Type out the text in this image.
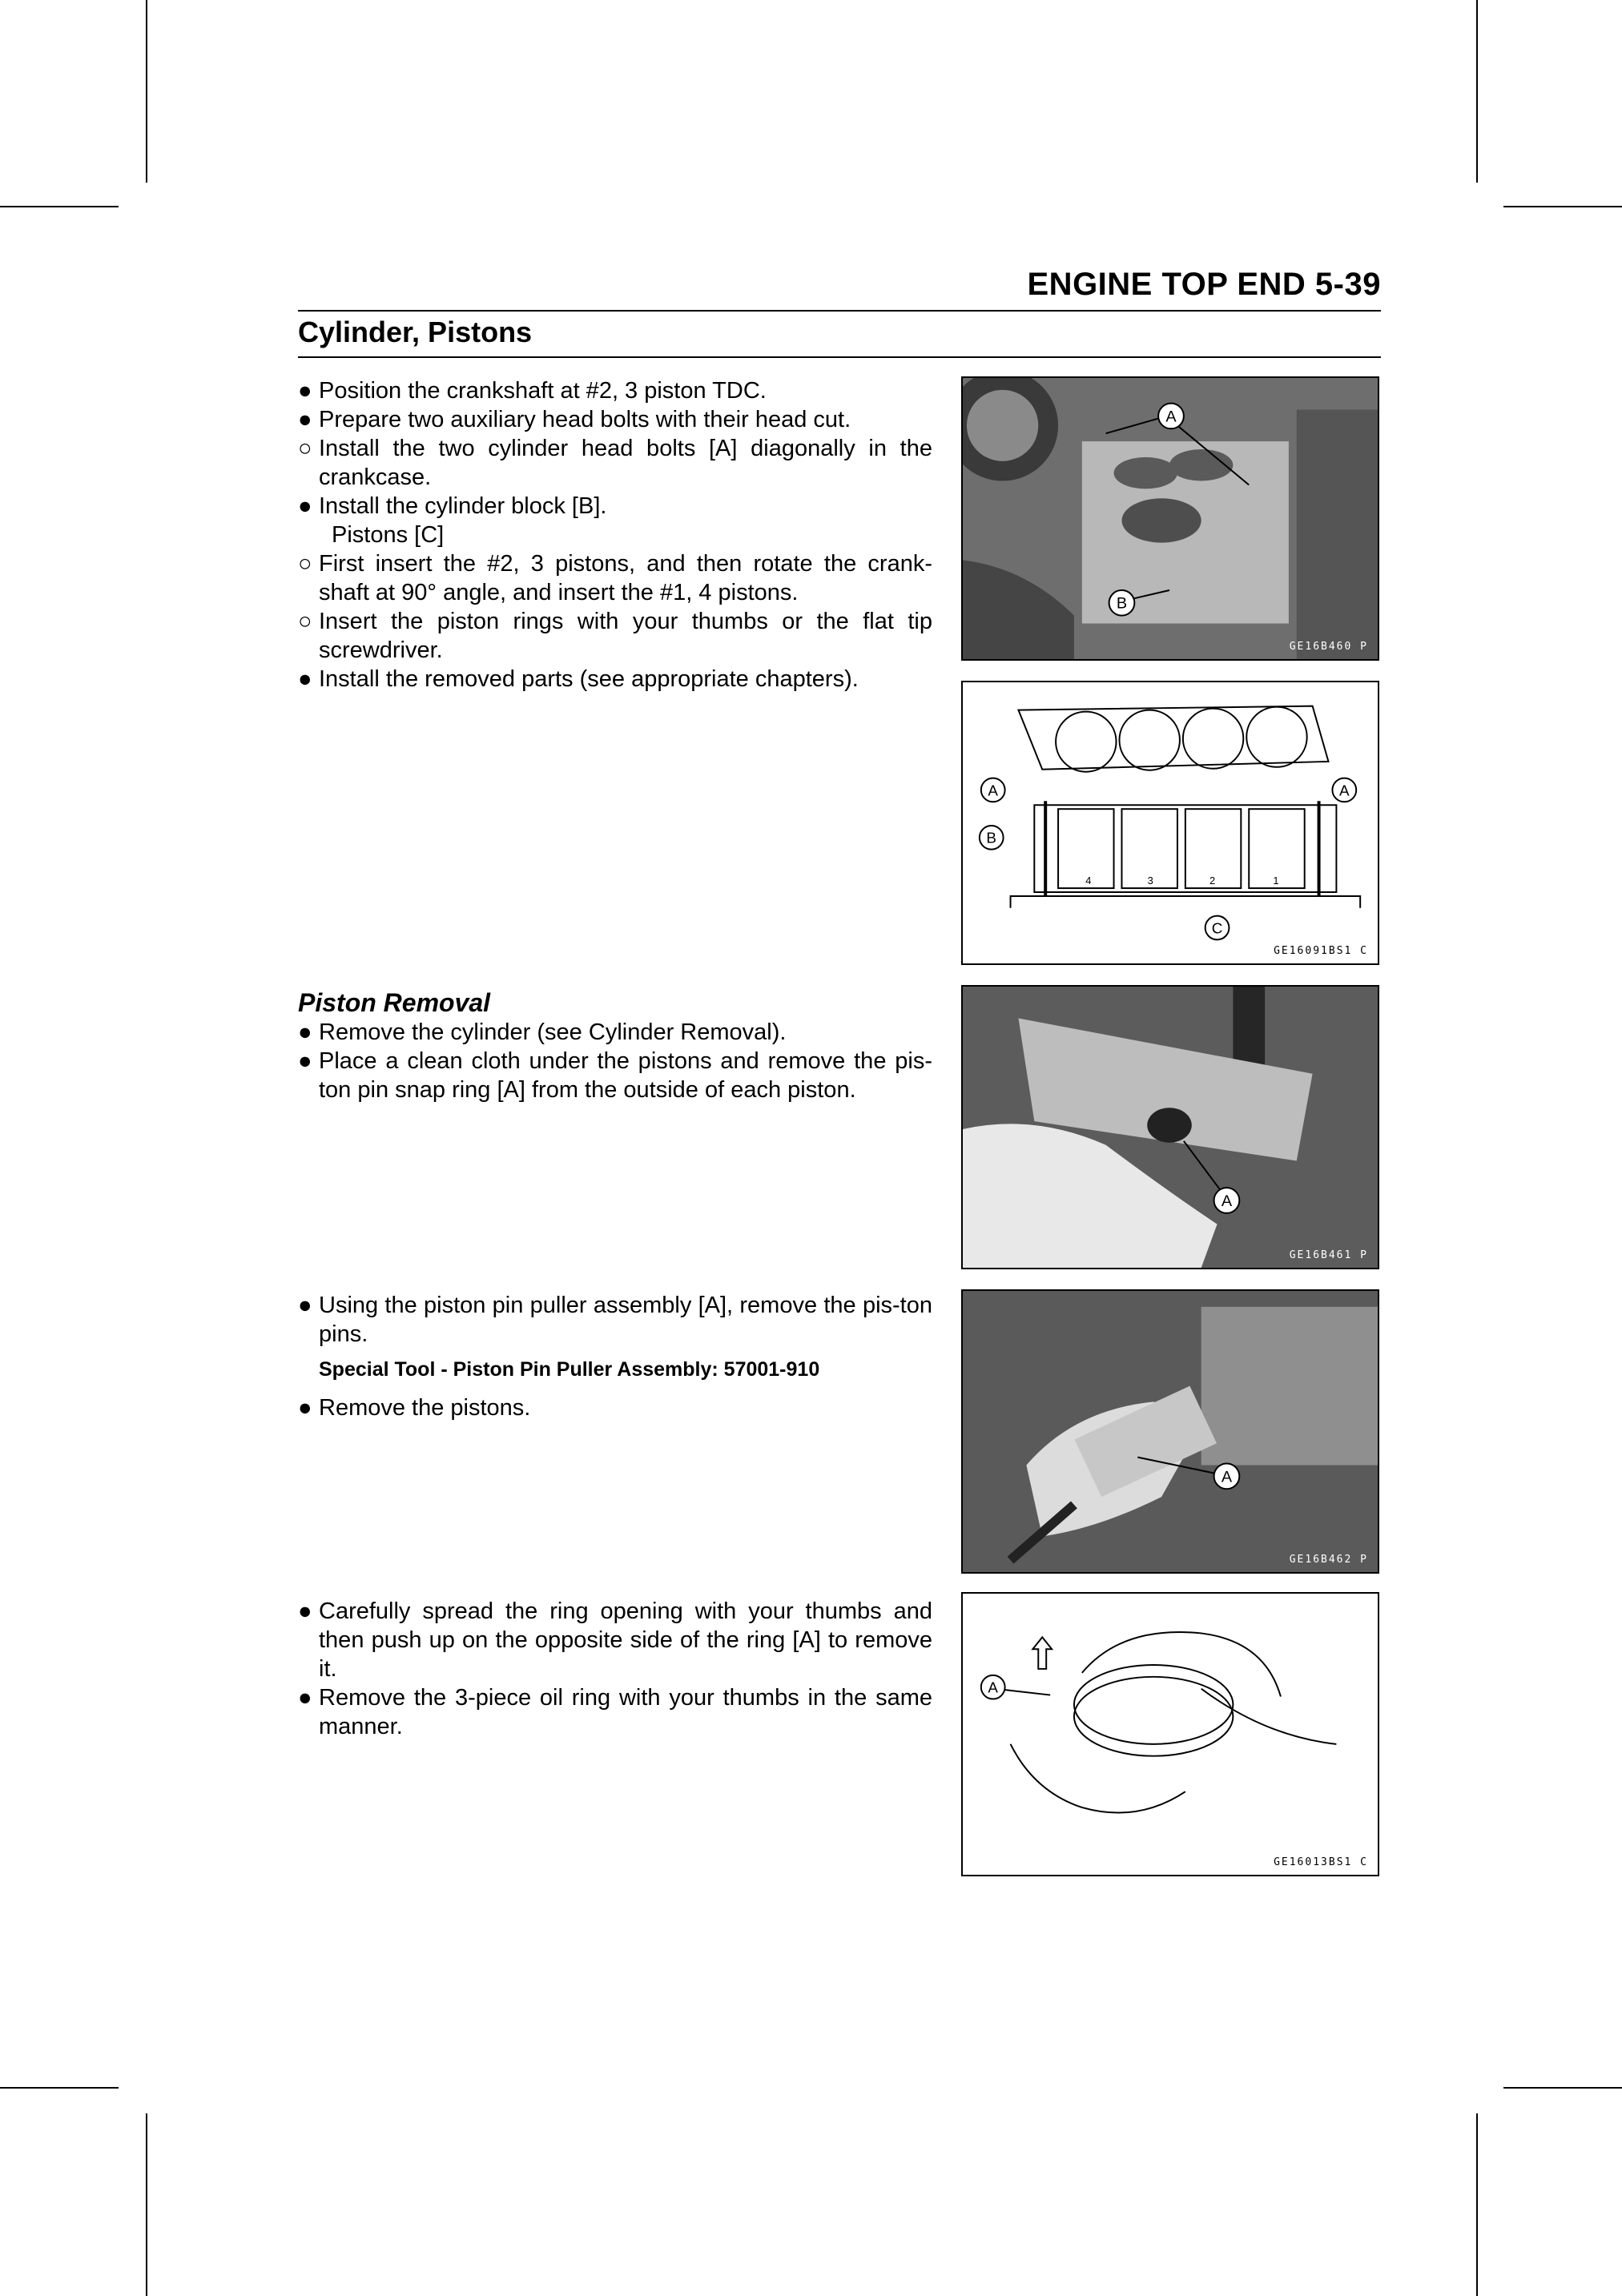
ENGINE TOP END 5-39
Cylinder, Pistons
● Position the crankshaft at #2, 3 piston TDC.
● Prepare two auxiliary head bolts with their head cut.
○ Install the two cylinder head bolts [A] diagonally in the crankcase.
● Install the cylinder block [B].
Pistons [C]
○ First insert the #2, 3 pistons, and then rotate the crank-shaft at 90° angle, and insert the #1, 4 pistons.
○ Insert the piston rings with your thumbs or the flat tip screwdriver.
● Install the removed parts (see appropriate chapters).
Piston Removal
● Remove the cylinder (see Cylinder Removal).
● Place a clean cloth under the pistons and remove the pis-ton pin snap ring [A] from the outside of each piston.
● Using the piston pin puller assembly [A], remove the pis-ton pins.
Special Tool - Piston Pin Puller Assembly: 57001-910
● Remove the pistons.
● Carefully spread the ring opening with your thumbs and then push up on the opposite side of the ring [A] to remove it.
● Remove the 3-piece oil ring with your thumbs in the same manner.
A
B
GE16B460 P
4	3	2	1
A	A
B
C
GE16091BS1 C
A
GE16B461 P
A
GE16B462 P
A
GE16013BS1 C
